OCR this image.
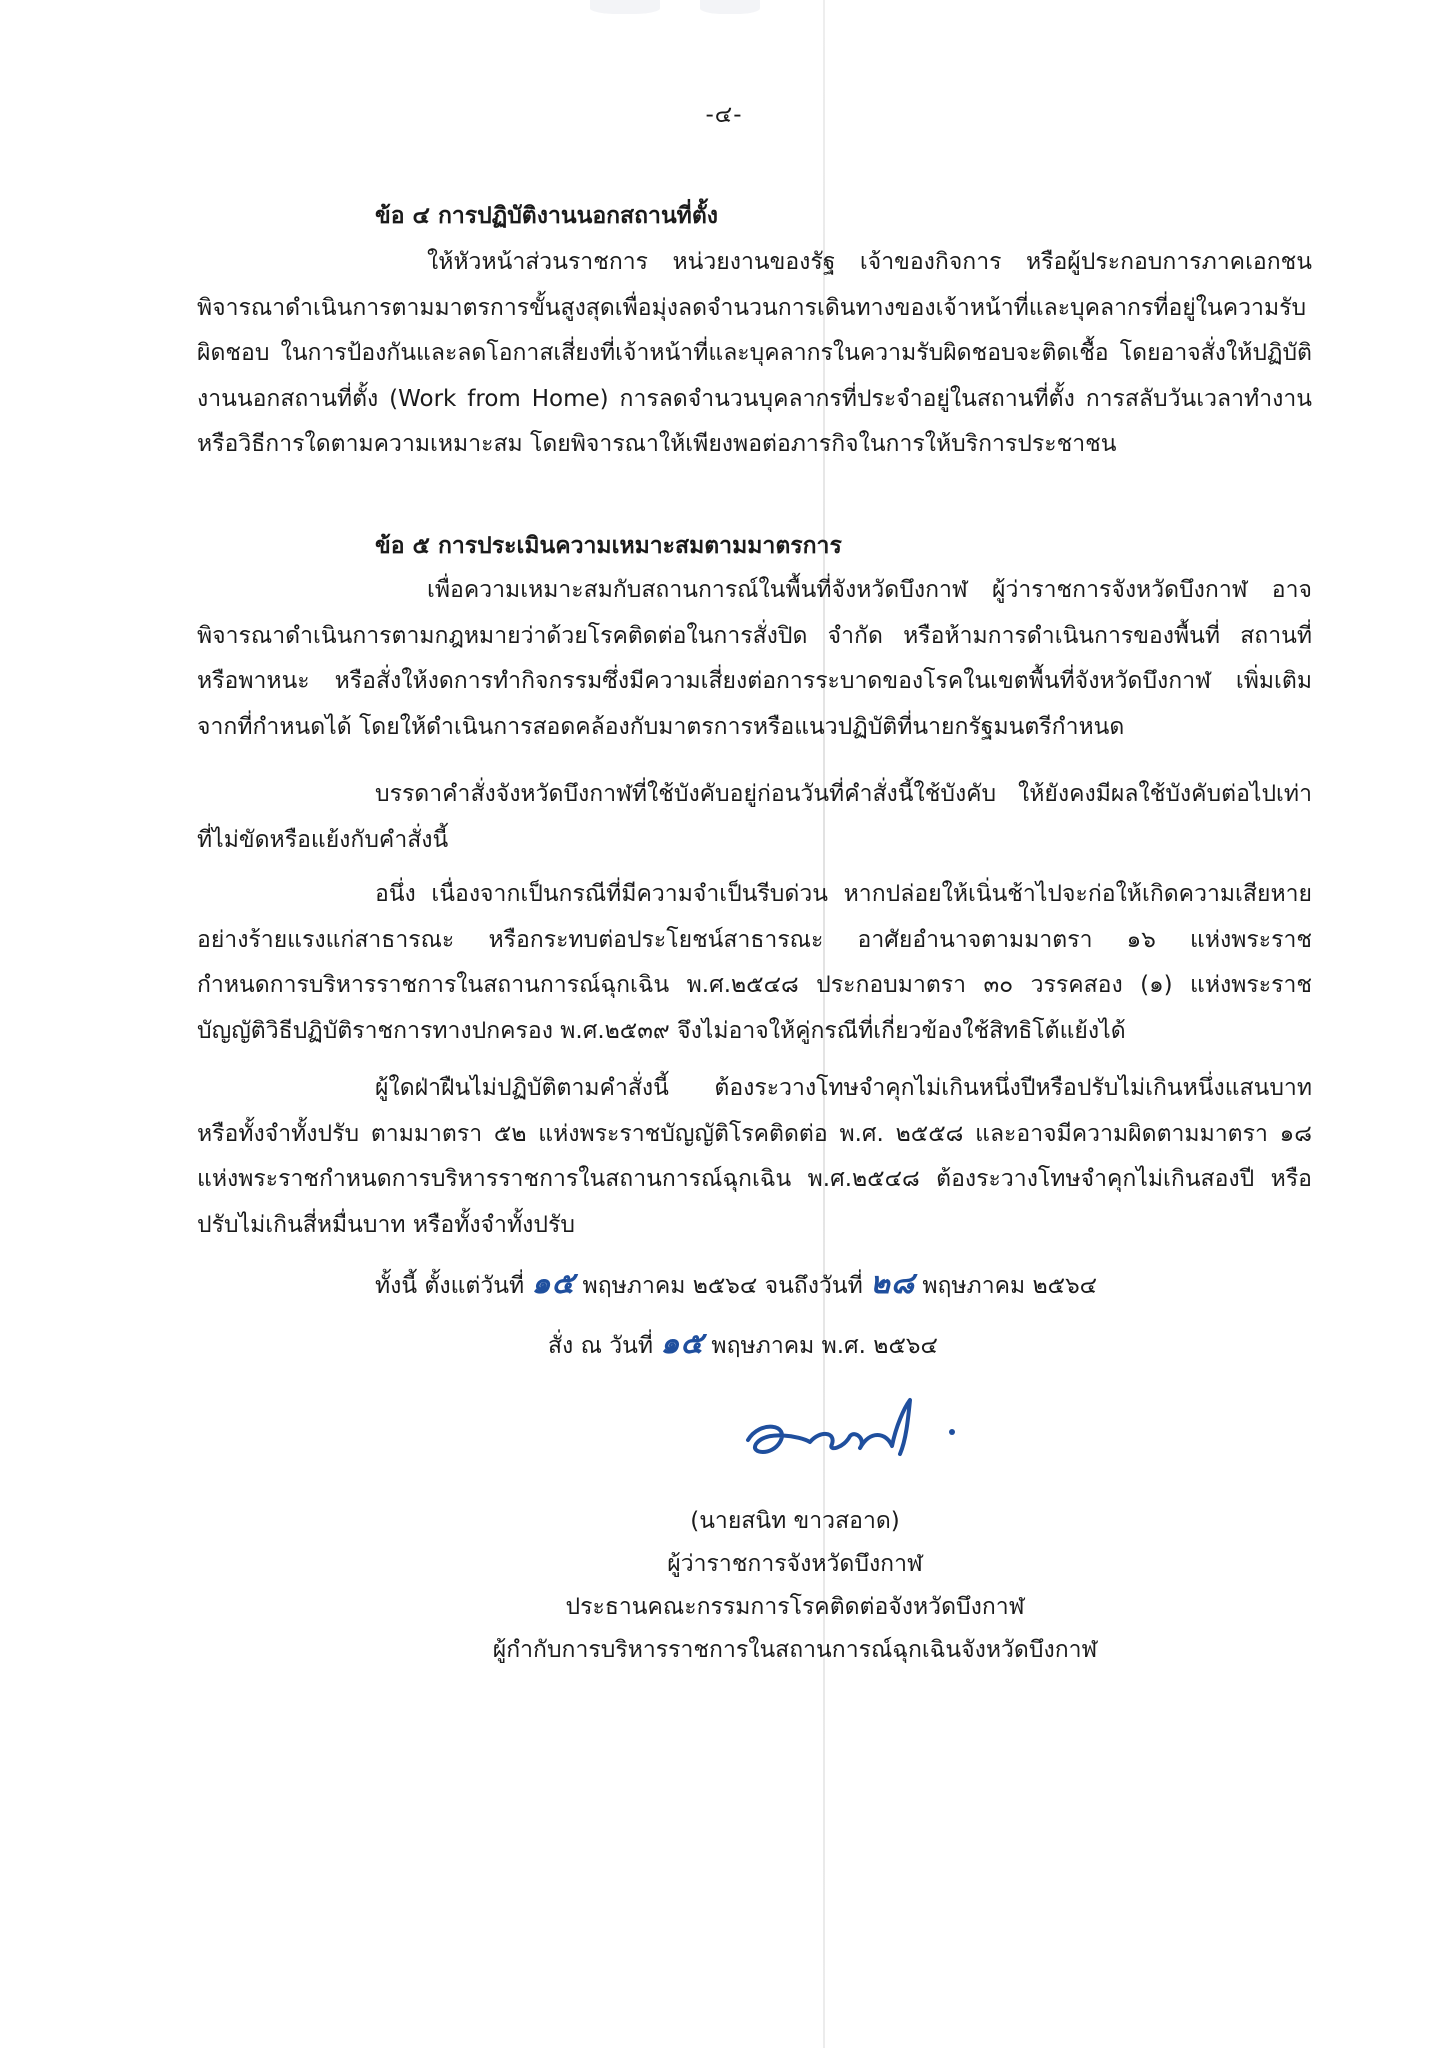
-๔-
ข้อ ๔ การปฏิบัติงานนอกสถานที่ตั้ง

ให้หัวหน้าส่วนราชการ หน่วยงานของรัฐ เจ้าของกิจการ หรือผู้ประกอบการภาคเอกชน พิจารณาดำเนินการตามมาตรการขั้นสูงสุดเพื่อมุ่งลดจำนวนการเดินทางของเจ้าหน้าที่และบุคลากรที่อยู่ในความรับผิดชอบ ในการป้องกันและลดโอกาสเสี่ยงที่เจ้าหน้าที่และบุคลากรในความรับผิดชอบจะติดเชื้อ โดยอาจสั่งให้ปฏิบัติงานนอกสถานที่ตั้ง (Work from Home) การลดจำนวนบุคลากรที่ประจำอยู่ในสถานที่ตั้ง การสลับวันเวลาทำงาน หรือวิธีการใดตามความเหมาะสม โดยพิจารณาให้เพียงพอต่อภารกิจในการให้บริการประชาชน

ข้อ ๕ การประเมินความเหมาะสมตามมาตรการ

เพื่อความเหมาะสมกับสถานการณ์ในพื้นที่จังหวัดบึงกาฬ ผู้ว่าราชการจังหวัดบึงกาฬ อาจพิจารณาดำเนินการตามกฎหมายว่าด้วยโรคติดต่อในการสั่งปิด จำกัด หรือห้ามการดำเนินการของพื้นที่ สถานที่หรือพาหนะ หรือสั่งให้งดการทำกิจกรรมซึ่งมีความเสี่ยงต่อการระบาดของโรคในเขตพื้นที่จังหวัดบึงกาฬ เพิ่มเติมจากที่กำหนดได้ โดยให้ดำเนินการสอดคล้องกับมาตรการหรือแนวปฏิบัติที่นายกรัฐมนตรีกำหนด

บรรดาคำสั่งจังหวัดบึงกาฬที่ใช้บังคับอยู่ก่อนวันที่คำสั่งนี้ใช้บังคับ ให้ยังคงมีผลใช้บังคับต่อไปเท่าที่ไม่ขัดหรือแย้งกับคำสั่งนี้

อนึ่ง เนื่องจากเป็นกรณีที่มีความจำเป็นรีบด่วน หากปล่อยให้เนิ่นช้าไปจะก่อให้เกิดความเสียหายอย่างร้ายแรงแก่สาธารณะ หรือกระทบต่อประโยชน์สาธารณะ อาศัยอำนาจตามมาตรา ๑๖ แห่งพระราชกำหนดการบริหารราชการในสถานการณ์ฉุกเฉิน พ.ศ.๒๕๔๘ ประกอบมาตรา ๓๐ วรรคสอง (๑) แห่งพระราชบัญญัติวิธีปฏิบัติราชการทางปกครอง พ.ศ.๒๕๓๙ จึงไม่อาจให้คู่กรณีที่เกี่ยวข้องใช้สิทธิโต้แย้งได้

ผู้ใดฝ่าฝืนไม่ปฏิบัติตามคำสั่งนี้ ต้องระวางโทษจำคุกไม่เกินหนึ่งปีหรือปรับไม่เกินหนึ่งแสนบาท หรือทั้งจำทั้งปรับ ตามมาตรา ๕๒ แห่งพระราชบัญญัติโรคติดต่อ พ.ศ. ๒๕๕๘ และอาจมีความผิดตามมาตรา ๑๘ แห่งพระราชกำหนดการบริหารราชการในสถานการณ์ฉุกเฉิน พ.ศ.๒๕๔๘ ต้องระวางโทษจำคุกไม่เกินสองปี หรือปรับไม่เกินสี่หมื่นบาท หรือทั้งจำทั้งปรับ

ทั้งนี้ ตั้งแต่วันที่ ๑๕ พฤษภาคม ๒๕๖๔ จนถึงวันที่ ๒๘ พฤษภาคม ๒๕๖๔
สั่ง ณ วันที่ ๑๕ พฤษภาคม พ.ศ. ๒๕๖๔
(นายสนิท ขาวสอาด)
ผู้ว่าราชการจังหวัดบึงกาฬ
ประธานคณะกรรมการโรคติดต่อจังหวัดบึงกาฬ
ผู้กำกับการบริหารราชการในสถานการณ์ฉุกเฉินจังหวัดบึงกาฬ
